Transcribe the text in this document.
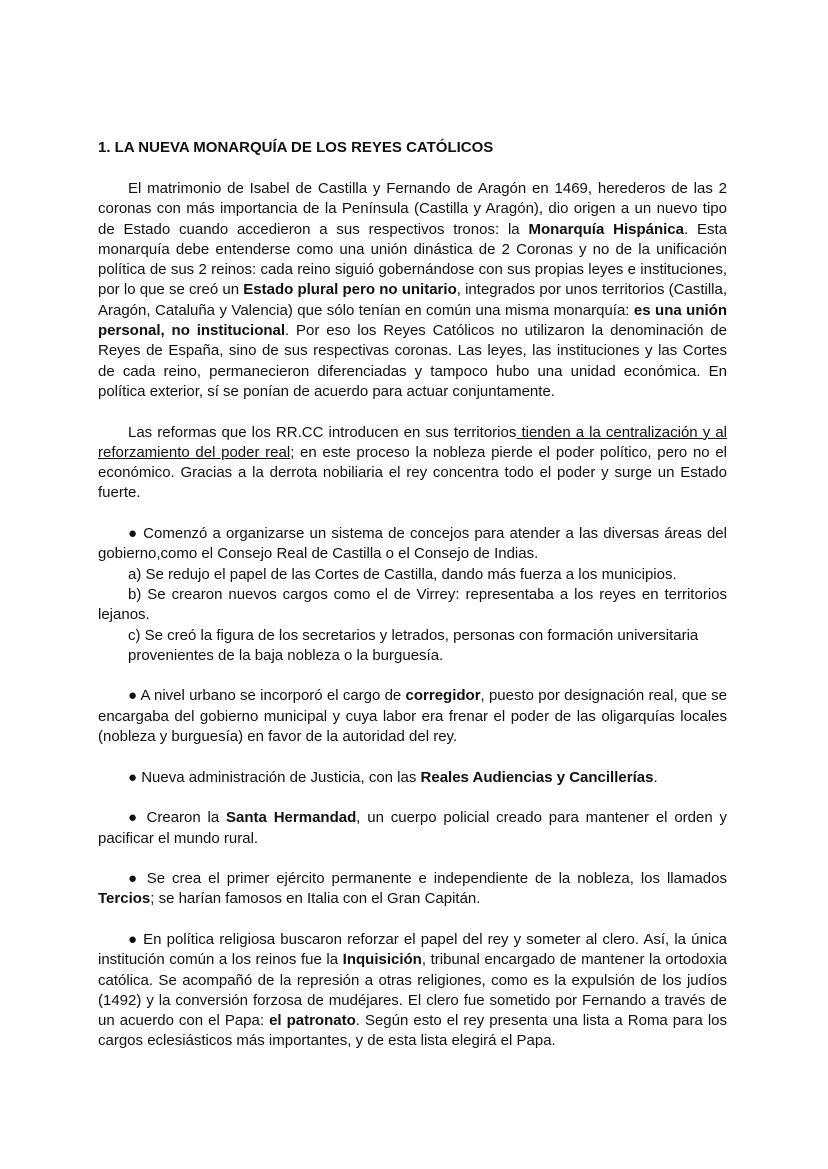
1. LA NUEVA MONARQUÍA DE LOS REYES CATÓLICOS

El matrimonio de Isabel de Castilla y Fernando de Aragón en 1469, herederos de las 2 coronas con más importancia de la Península (Castilla y Aragón), dio origen a un nuevo tipo de Estado cuando accedieron a sus respectivos tronos: la Monarquía Hispánica. Esta monarquía debe entenderse como una unión dinástica de 2 Coronas y no de la unificación política de sus 2 reinos: cada reino siguió gobernándose con sus propias leyes e instituciones, por lo que se creó un Estado plural pero no unitario, integrados por unos territorios (Castilla, Aragón, Cataluña y Valencia) que sólo tenían en común una misma monarquía: es una unión personal, no institucional. Por eso los Reyes Católicos no utilizaron la denominación de Reyes de España, sino de sus respectivas coronas. Las leyes, las instituciones y las Cortes de cada reino, permanecieron diferenciadas y tampoco hubo una unidad económica. En política exterior, sí se ponían de acuerdo para actuar conjuntamente.

Las reformas que los RR.CC introducen en sus territorios tienden a la centralización y al reforzamiento del poder real; en este proceso la nobleza pierde el poder político, pero no el económico. Gracias a la derrota nobiliaria el rey concentra todo el poder y surge un Estado fuerte.

● Comenzó a organizarse un sistema de concejos para atender a las diversas áreas del gobierno,como el Consejo Real de Castilla o el Consejo de Indias.

a) Se redujo el papel de las Cortes de Castilla, dando más fuerza a los municipios.

b) Se crearon nuevos cargos como el de Virrey: representaba a los reyes en territorios lejanos.

c) Se creó la figura de los secretarios y letrados, personas con formación universitaria provenientes de la baja nobleza o la burguesía.

● A nivel urbano se incorporó el cargo de corregidor, puesto por designación real, que se encargaba del gobierno municipal y cuya labor era frenar el poder de las oligarquías locales (nobleza y burguesía) en favor de la autoridad del rey.

● Nueva administración de Justicia, con las Reales Audiencias y Cancillerías.

● Crearon la Santa Hermandad, un cuerpo policial creado para mantener el orden y pacificar el mundo rural.

● Se crea el primer ejército permanente e independiente de la nobleza, los llamados Tercios; se harían famosos en Italia con el Gran Capitán.

● En política religiosa buscaron reforzar el papel del rey y someter al clero. Así, la única institución común a los reinos fue la Inquisición, tribunal encargado de mantener la ortodoxia católica. Se acompañó de la represión a otras religiones, como es la expulsión de los judíos (1492) y la conversión forzosa de mudéjares. El clero fue sometido por Fernando a través de un acuerdo con el Papa: el patronato. Según esto el rey presenta una lista a Roma para los cargos eclesiásticos más importantes, y de esta lista elegirá el Papa.
